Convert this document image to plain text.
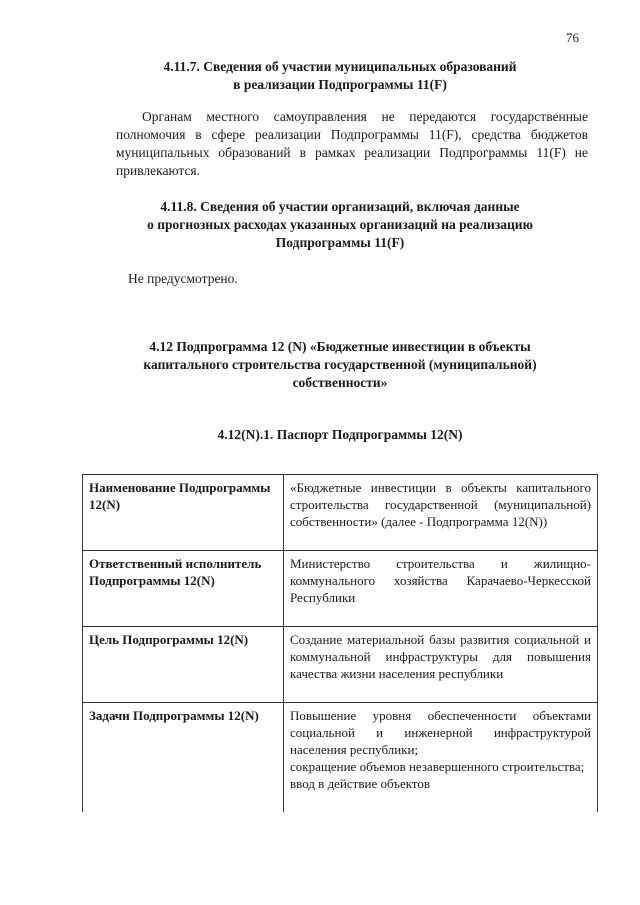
76
4.11.7. Сведения об участии муниципальных образований
в реализации Подпрограммы 11(F)
Органам местного самоуправления не передаются государственные полномочия в сфере реализации Подпрограммы 11(F), средства бюджетов муниципальных образований в рамках реализации Подпрограммы 11(F) не привлекаются.
4.11.8. Сведения об участии организаций, включая данные
о прогнозных расходах указанных организаций на реализацию
Подпрограммы 11(F)
Не предусмотрено.
4.12 Подпрограмма 12 (N) «Бюджетные инвестиции в объекты
капитального строительства государственной (муниципальной)
собственности»
4.12(N).1. Паспорт Подпрограммы 12(N)
Наименование Подпрограммы 12(N)	«Бюджетные инвестиции в объекты капитального строительства государственной (муниципальной) собственности» (далее - Подпрограмма 12(N))

Ответственный исполнитель Подпрограммы 12(N)	Министерство строительства и жилищно-коммунального хозяйства Карачаево-Черкесской Республики

Цель Подпрограммы 12(N)	Создание материальной базы развития социальной и коммунальной инфраструктуры для повышения качества жизни населения республики

Задачи Подпрограммы 12(N)	Повышение уровня обеспеченности объектами социальной и инженерной инфраструктурой населения республики;
сокращение объемов незавершенного строительства;
ввод в действие объектов
